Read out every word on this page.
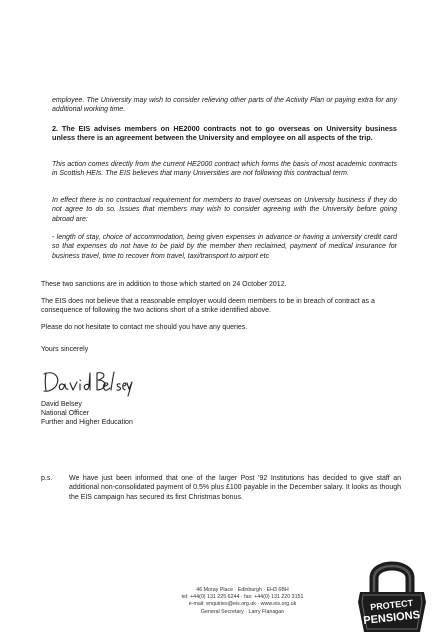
employee. The University may wish to consider relieving other parts of the Activity Plan or paying extra for any additional working time.

2. The EIS advises members on HE2000 contracts not to go overseas on University business unless there is an agreement between the University and employee on all aspects of the trip.

This action comes directly from the current HE2000 contract which forms the basis of most academic contracts in Scottish HEIs. The EIS believes that many Universities are not following this contractual term.

In effect there is no contractual requirement for members to travel overseas on University business if they do not agree to do so. Issues that members may wish to consider agreeing with the University before going abroad are:

- length of stay, choice of accommodation, being given expenses in advance or having a university credit card so that expenses do not have to be paid by the member then reclaimed, payment of medical insurance for business travel, time to recover from travel, taxi/transport to airport etc

These two sanctions are in addition to those which started on 24 October 2012.

The EIS does not believe that a reasonable employer would deem members to be in breach of contract as a consequence of following the two actions short of a strike identified above.

Please do not hesitate to contact me should you have any queries.

Yours sincerely

David Belsey

National Officer

Further and Higher Education

p.s. We have just been informed that one of the larger Post '92 Institutions has decided to give staff an additional non-consolidated payment of 0.5% plus £100 payable in the December salary. It looks as though the EIS campaign has secured its first Christmas bonus.

46 Moray Place · Edinburgh · EH3 6BH
tel: +44(0) 131 225 6244 · fax: +44(0) 131 220 3151
e-mail: enquiries@eis.org.uk · www.eis.org.uk
General Secretary · Larry Flanagan	PROTECT
PENSIONS
